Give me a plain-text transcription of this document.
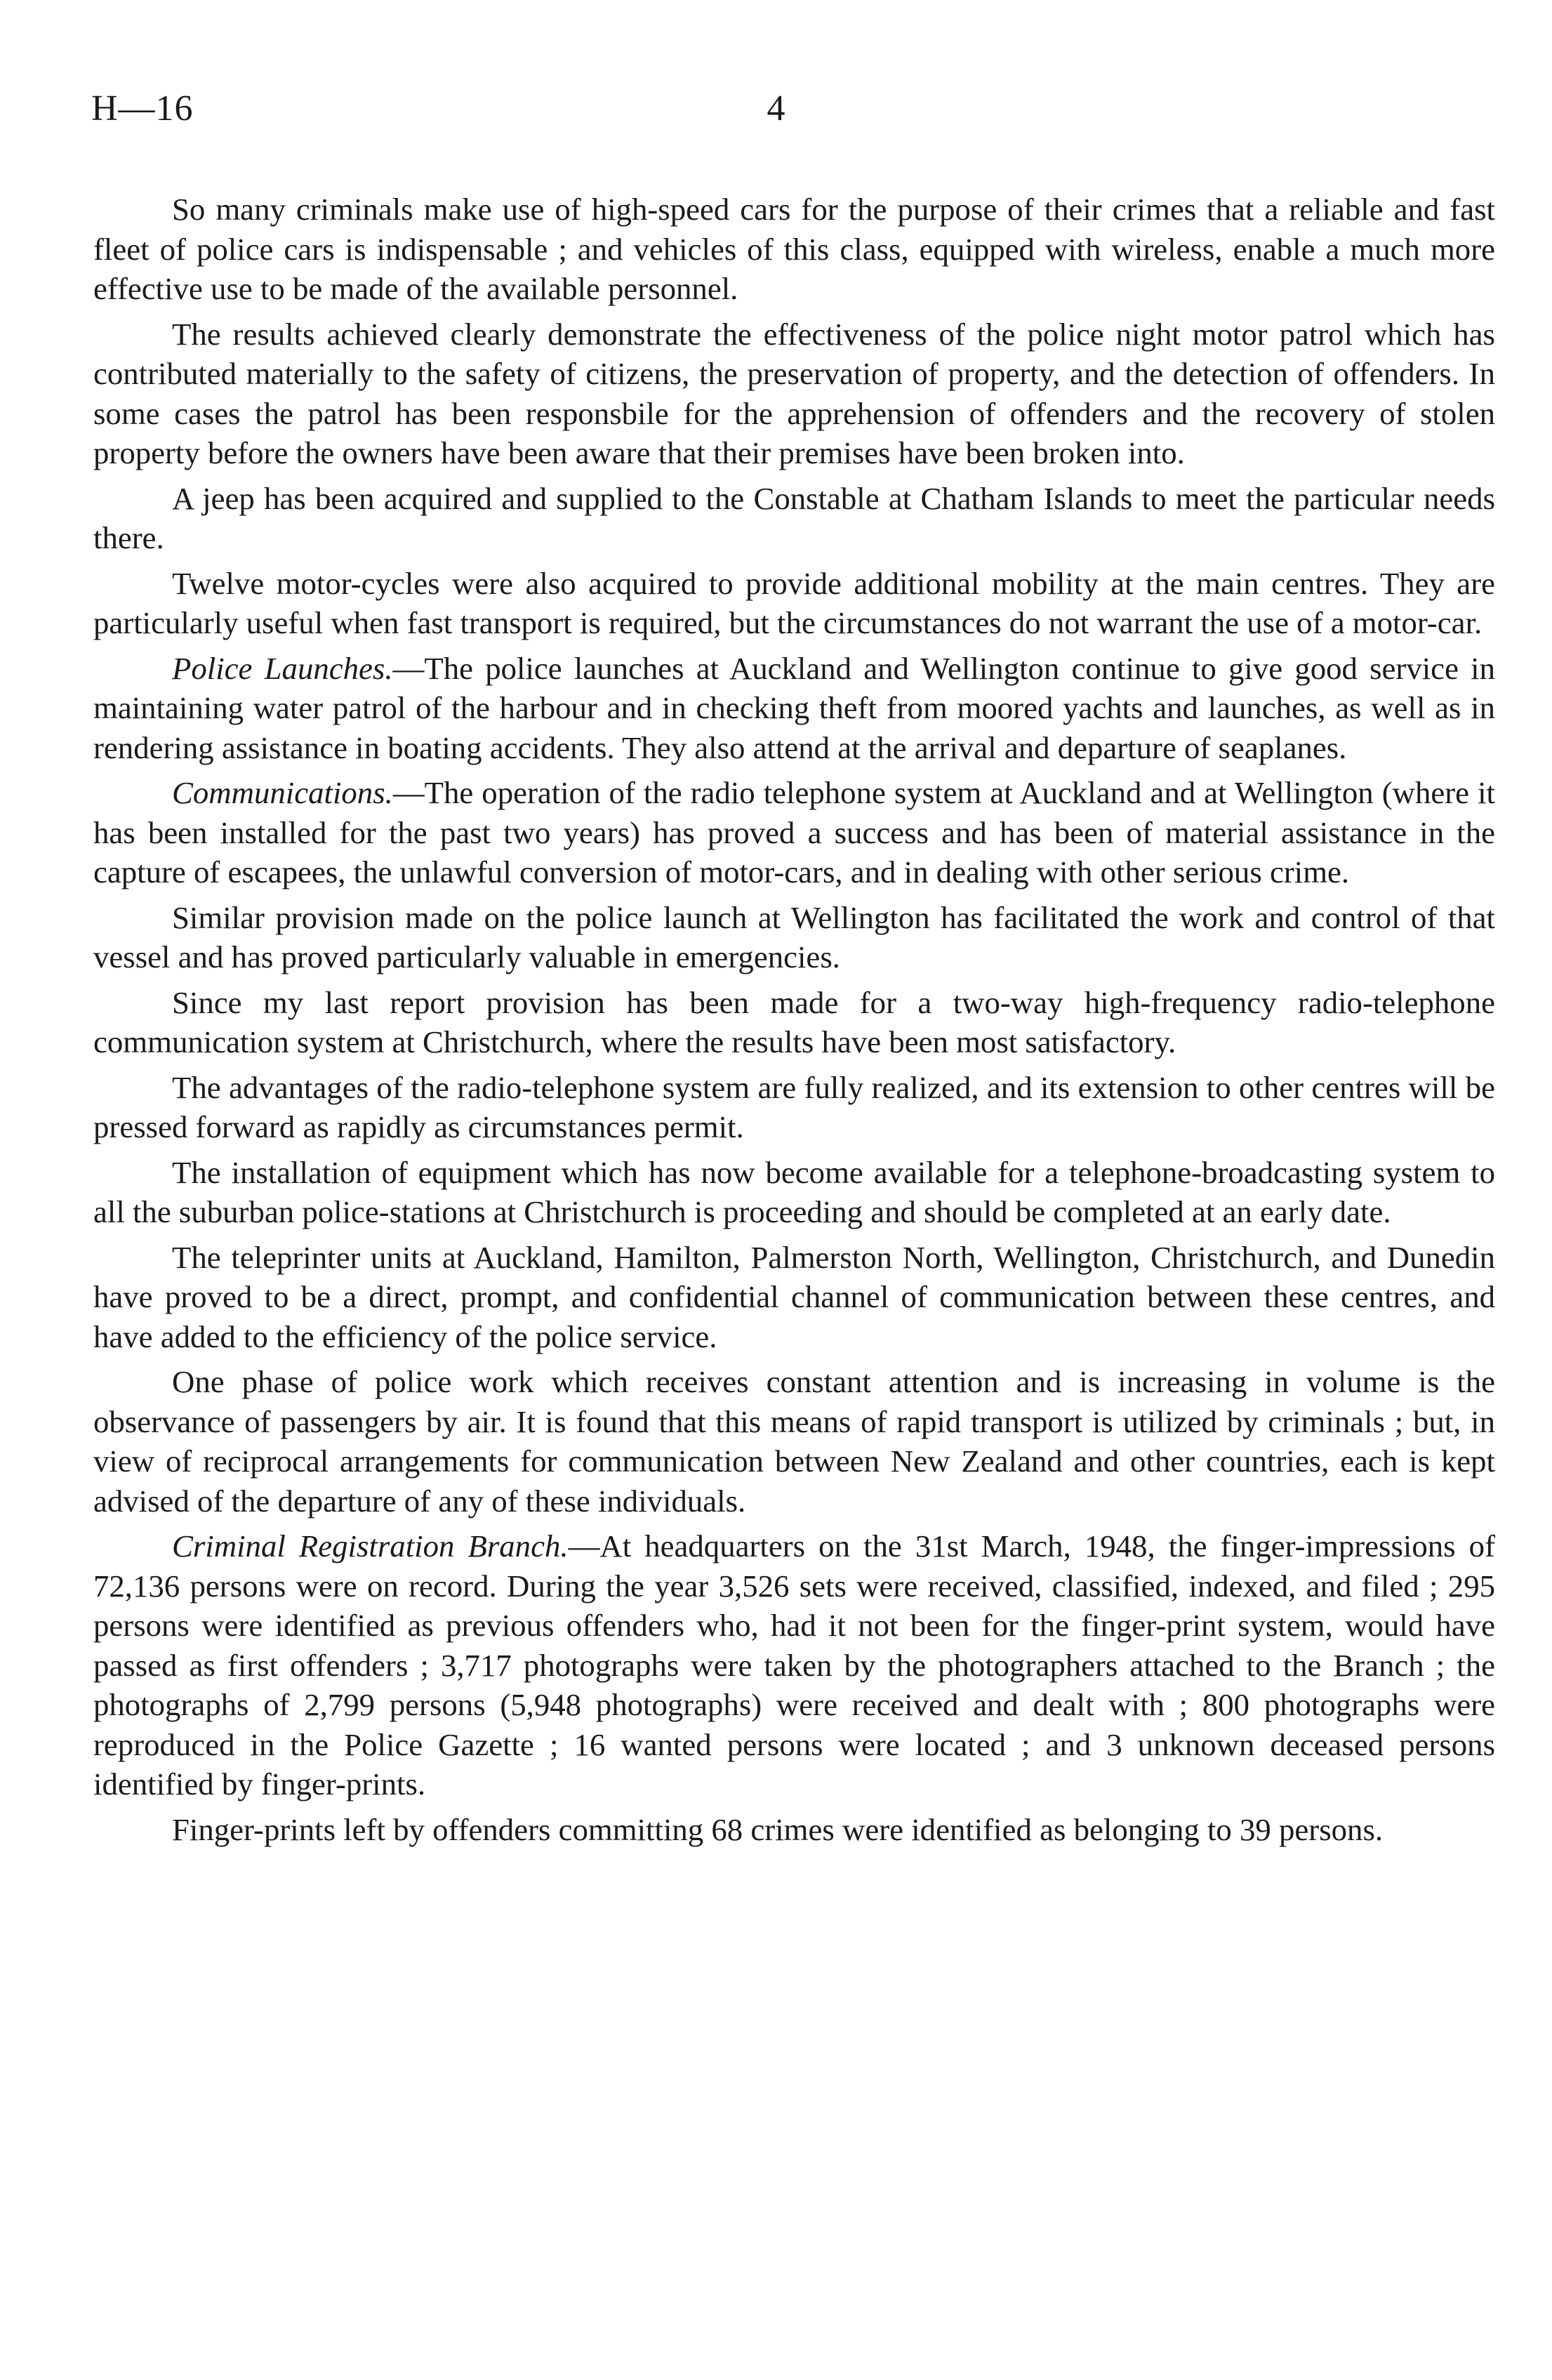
H—16	4

So many criminals make use of high-speed cars for the purpose of their crimes that a reliable and fast fleet of police cars is indispensable ; and vehicles of this class, equipped with wireless, enable a much more effective use to be made of the available personnel.

The results achieved clearly demonstrate the effectiveness of the police night motor patrol which has contributed materially to the safety of citizens, the preservation of property, and the detection of offenders. In some cases the patrol has been responsbile for the apprehension of offenders and the recovery of stolen property before the owners have been aware that their premises have been broken into.

A jeep has been acquired and supplied to the Constable at Chatham Islands to meet the particular needs there.

Twelve motor-cycles were also acquired to provide additional mobility at the main centres. They are particularly useful when fast transport is required, but the circumstances do not warrant the use of a motor-car.

Police Launches.—The police launches at Auckland and Wellington continue to give good service in maintaining water patrol of the harbour and in checking theft from moored yachts and launches, as well as in rendering assistance in boating accidents. They also attend at the arrival and departure of seaplanes.

Communications.—The operation of the radio telephone system at Auckland and at Wellington (where it has been installed for the past two years) has proved a success and has been of material assistance in the capture of escapees, the unlawful conversion of motor-cars, and in dealing with other serious crime.

Similar provision made on the police launch at Wellington has facilitated the work and control of that vessel and has proved particularly valuable in emergencies.

Since my last report provision has been made for a two-way high-frequency radio-telephone communication system at Christchurch, where the results have been most satisfactory.

The advantages of the radio-telephone system are fully realized, and its extension to other centres will be pressed forward as rapidly as circumstances permit.

The installation of equipment which has now become available for a telephone-broadcasting system to all the suburban police-stations at Christchurch is proceeding and should be completed at an early date.

The teleprinter units at Auckland, Hamilton, Palmerston North, Wellington, Christchurch, and Dunedin have proved to be a direct, prompt, and confidential channel of communication between these centres, and have added to the efficiency of the police service.

One phase of police work which receives constant attention and is increasing in volume is the observance of passengers by air. It is found that this means of rapid transport is utilized by criminals ; but, in view of reciprocal arrangements for communication between New Zealand and other countries, each is kept advised of the departure of any of these individuals.

Criminal Registration Branch.—At headquarters on the 31st March, 1948, the finger-impressions of 72,136 persons were on record. During the year 3,526 sets were received, classified, indexed, and filed ; 295 persons were identified as previous offenders who, had it not been for the finger-print system, would have passed as first offenders ; 3,717 photographs were taken by the photographers attached to the Branch ; the photographs of 2,799 persons (5,948 photographs) were received and dealt with ; 800 photographs were reproduced in the Police Gazette ; 16 wanted persons were located ; and 3 unknown deceased persons identified by finger-prints.

Finger-prints left by offenders committing 68 crimes were identified as belonging to 39 persons.
